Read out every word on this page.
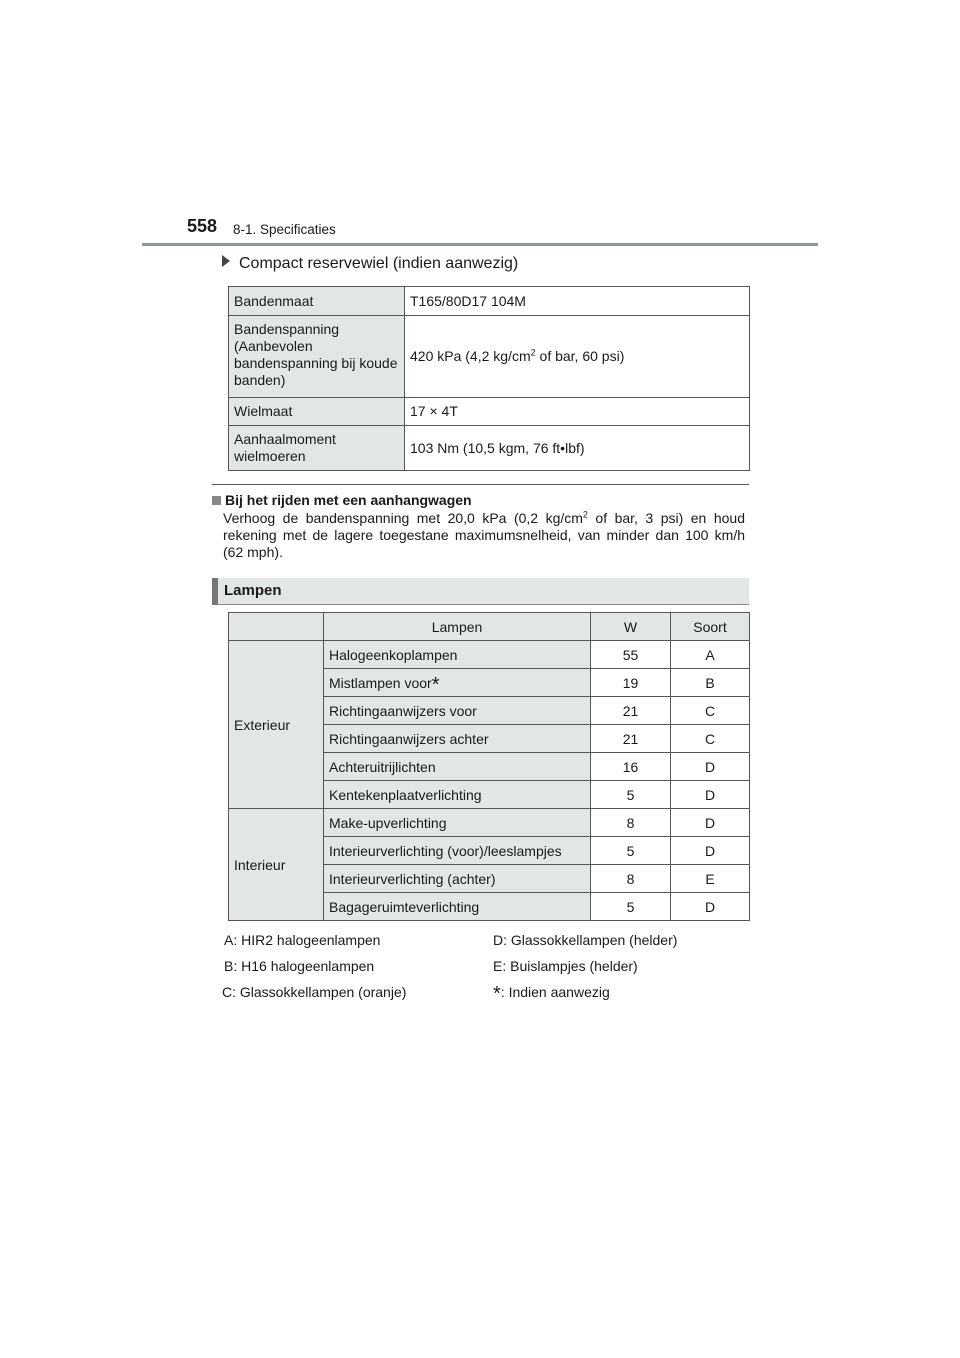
558 8-1. Specificaties
Compact reservewiel (indien aanwezig)
Bandenmaat	T165/80D17 104M
Bandenspanning (Aanbevolen bandenspanning bij koude banden)	420 kPa (4,2 $kg/cm^2$ of bar, 60 psi)
Wielmaat	17 × 4T
Aanhaalmoment wielmoeren	103 Nm (10,5 kgm, 76 ft•lbf)
Bij het rijden met een aanhangwagen

Verhoog de bandenspanning met 20,0 kPa (0,2 $kg/cm^2$ of bar, 3 psi) en houd rekening met de lagere toegestane maximumsnelheid, van minder dan 100 km/h (62 mph).

Lampen
	Lampen	W	Soort
Exterieur	Halogeenkoplampen	55	A
	Mistlampen voor*	19	B
	Richtingaanwijzers voor	21	C
	Richtingaanwijzers achter	21	C
	Achteruitrijlichten	16	D
	Kentekenplaatverlichting	5	D
Interieur	Make-upverlichting	8	D
	Interieurverlichting (voor)/leeslampjes	5	D
	Interieurverlichting (achter)	8	E
	Bagageruimteverlichting	5	D
A: HIR2 halogeenlampen
B: H16 halogeenlampen
C: Glassokkellampen (oranje)
D: Glassokkellampen (helder)
E: Buislampjes (helder)
*: Indien aanwezig
